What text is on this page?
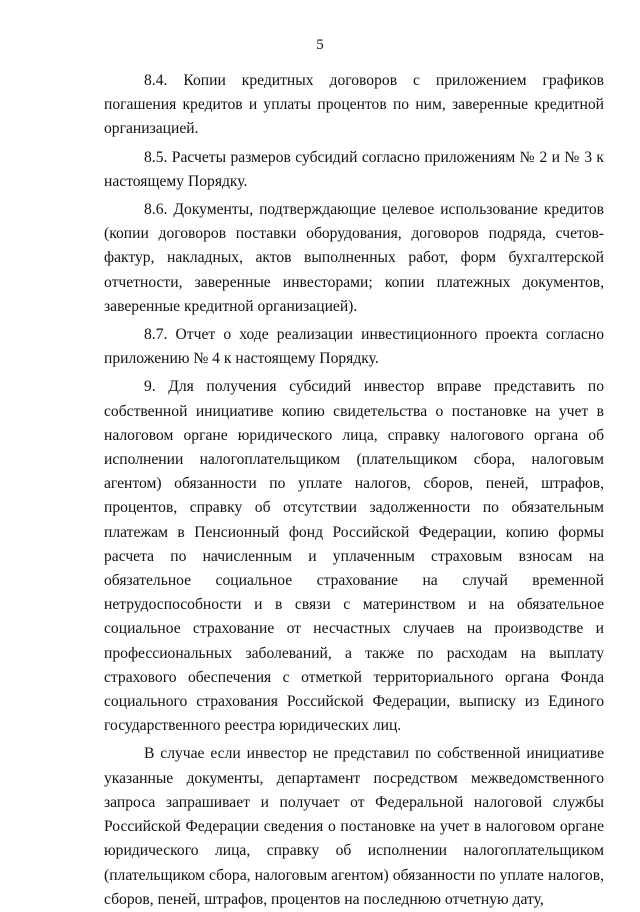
5

8.4. Копии кредитных договоров с приложением графиков погашения кредитов и уплаты процентов по ним, заверенные кредитной организацией.

8.5. Расчеты размеров субсидий согласно приложениям № 2 и № 3 к настоящему Порядку.

8.6. Документы, подтверждающие целевое использование кредитов (копии договоров поставки оборудования, договоров подряда, счетов-фактур, накладных, актов выполненных работ, форм бухгалтерской отчетности, заверенные инвесторами; копии платежных документов, заверенные кредитной организацией).

8.7. Отчет о ходе реализации инвестиционного проекта согласно приложению № 4 к настоящему Порядку.

9. Для получения субсидий инвестор вправе представить по собственной инициативе копию свидетельства о постановке на учет в налоговом органе юридического лица, справку налогового органа об исполнении налогоплательщиком (плательщиком сбора, налоговым агентом) обязанности по уплате налогов, сборов, пеней, штрафов, процентов, справку об отсутствии задолженности по обязательным платежам в Пенсионный фонд Российской Федерации, копию формы расчета по начисленным и уплаченным страховым взносам на обязательное социальное страхование на случай временной нетрудоспособности и в связи с материнством и на обязательное социальное страхование от несчастных случаев на производстве и профессиональных заболеваний, а также по расходам на выплату страхового обеспечения с отметкой территориального органа Фонда социального страхования Российской Федерации, выписку из Единого государственного реестра юридических лиц.

В случае если инвестор не представил по собственной инициативе указанные документы, департамент посредством межведомственного запроса запрашивает и получает от Федеральной налоговой службы Российской Федерации сведения о постановке на учет в налоговом органе юридического лица, справку об исполнении налогоплательщиком (плательщиком сбора, налоговым агентом) обязанности по уплате налогов, сборов, пеней, штрафов, процентов на последнюю отчетную дату,
